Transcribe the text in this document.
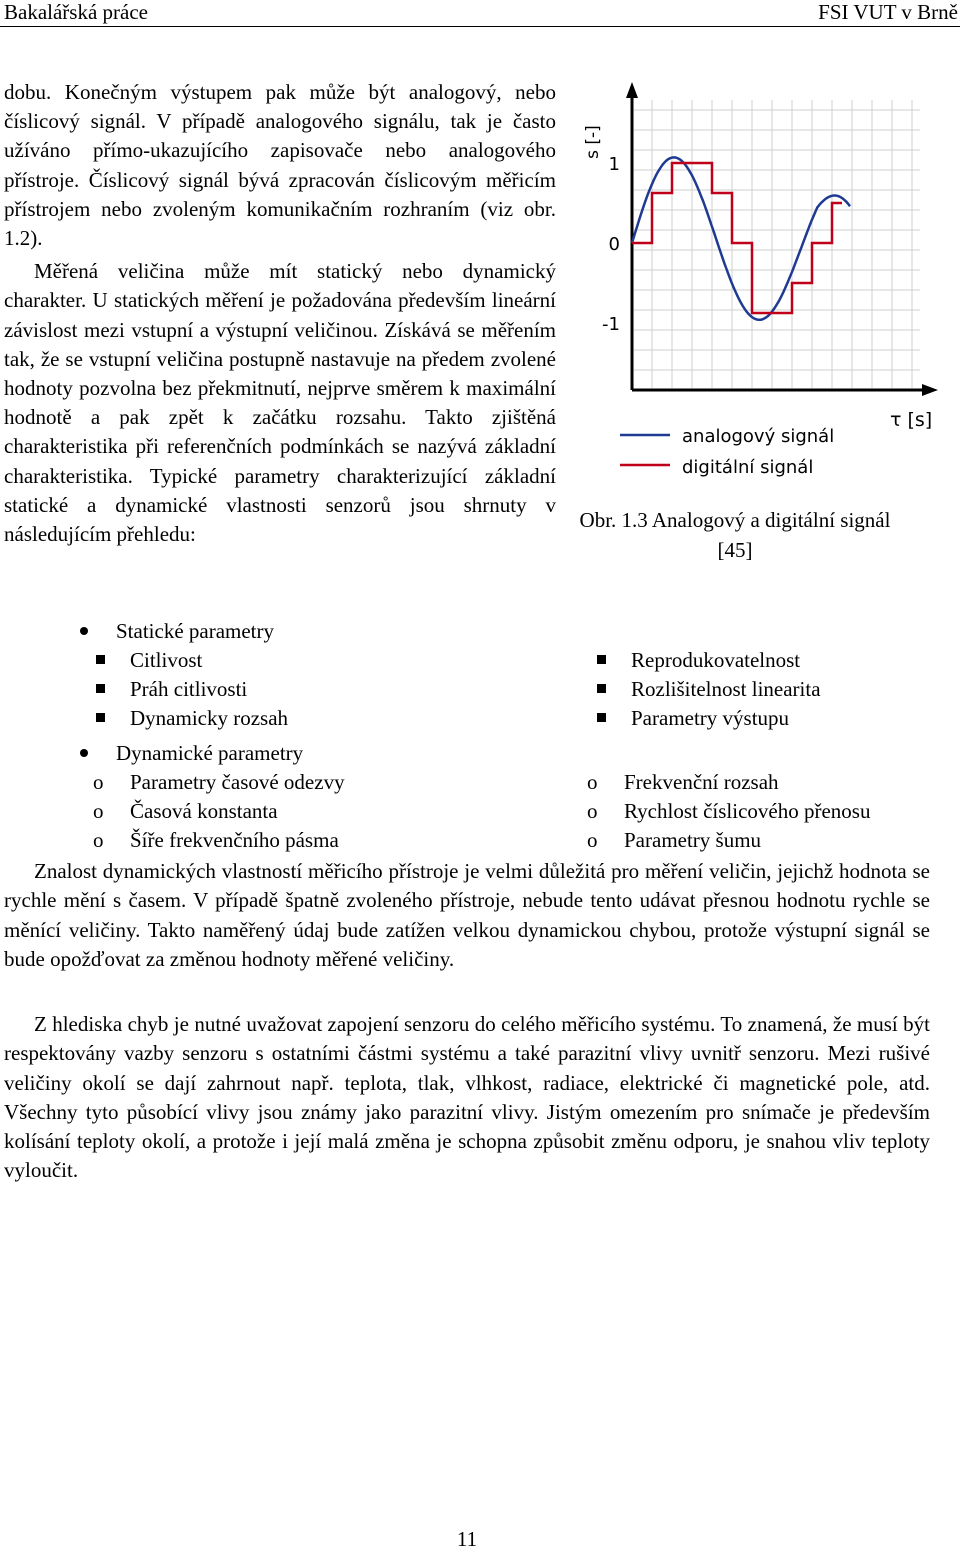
Bakalářská práce	FSI VUT v Brně

dobu. Konečným výstupem pak může být analogový, nebo číslicový signál. V případě analogového signálu, tak je často užíváno přímo-ukazujícího zapisovače nebo analogového přístroje. Číslicový signál bývá zpracován číslicovým měřicím přístrojem nebo zvoleným komunikačním rozhraním (viz obr. 1.2).

Měřená veličina může mít statický nebo dynamický charakter. U statických měření je požadována především lineární závislost mezi vstupní a výstupní veličinou. Získává se měřením tak, že se vstupní veličina postupně nastavuje na předem zvolené hodnoty pozvolna bez překmitnutí, nejprve směrem k maximální hodnotě a pak zpět k začátku rozsahu. Takto zjištěná charakteristika při referenčních podmínkách se nazývá základní charakteristika. Typické parametry charakterizující základní statické a dynamické vlastnosti senzorů jsou shrnuty v následujícím přehledu:

s [-]
1
0
-1
τ [s]
analogový signál
digitální signál

Obr. 1.3 Analogový a digitální signál [45]

Statické parametry
Citlivost
Práh citlivosti
Dynamicky rozsah
Reprodukovatelnost
Rozlišitelnost linearita
Parametry výstupu
Dynamické parametry
o Parametry časové odezvy
o Časová konstanta
o Šíře frekvenčního pásma
o Frekvenční rozsah
o Rychlost číslicového přenosu
o Parametry šumu

Znalost dynamických vlastností měřicího přístroje je velmi důležitá pro měření veličin, jejichž hodnota se rychle mění s časem. V případě špatně zvoleného přístroje, nebude tento udávat přesnou hodnotu rychle se měnící veličiny. Takto naměřený údaj bude zatížen velkou dynamickou chybou, protože výstupní signál se bude opožďovat za změnou hodnoty měřené veličiny.

Z hlediska chyb je nutné uvažovat zapojení senzoru do celého měřicího systému. To znamená, že musí být respektovány vazby senzoru s ostatními částmi systému a také parazitní vlivy uvnitř senzoru. Mezi rušivé veličiny okolí se dají zahrnout např. teplota, tlak, vlhkost, radiace, elektrické či magnetické pole, atd. Všechny tyto působící vlivy jsou známy jako parazitní vlivy. Jistým omezením pro snímače je především kolísání teploty okolí, a protože i její malá změna je schopna způsobit změnu odporu, je snahou vliv teploty vyloučit.

11
